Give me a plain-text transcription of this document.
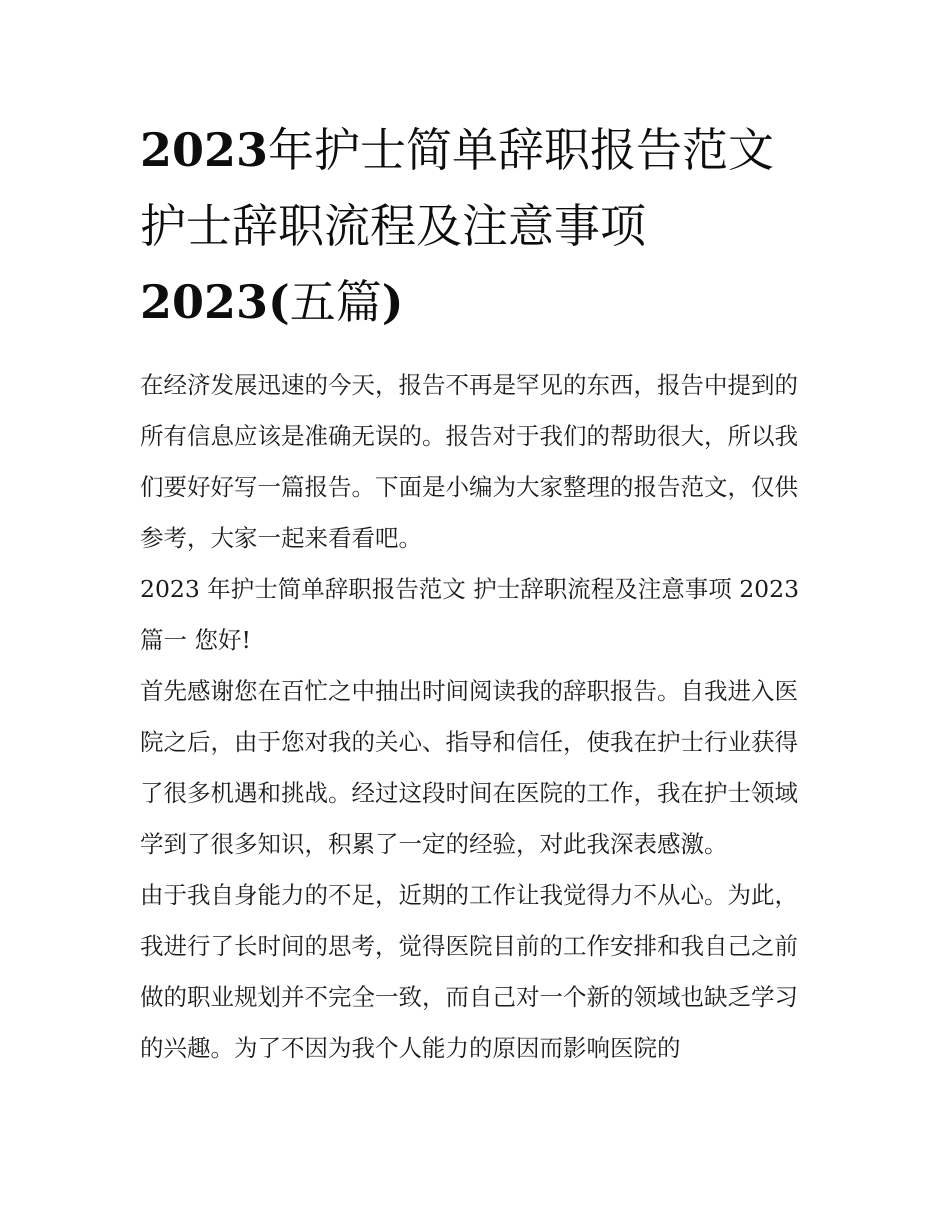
2023年护士简单辞职报告范文
护士辞职流程及注意事项
2023(五篇)

在经济发展迅速的今天，报告不再是罕见的东西，报告中提到的所有信息应该是准确无误的。报告对于我们的帮助很大，所以我们要好好写一篇报告。下面是小编为大家整理的报告范文，仅供参考，大家一起来看看吧。

2023 年护士简单辞职报告范文 护士辞职流程及注意事项 2023 篇一 您好!

首先感谢您在百忙之中抽出时间阅读我的辞职报告。自我进入医院之后，由于您对我的关心、指导和信任，使我在护士行业获得了很多机遇和挑战。经过这段时间在医院的工作，我在护士领域学到了很多知识，积累了一定的经验，对此我深表感激。

由于我自身能力的不足，近期的工作让我觉得力不从心。为此，我进行了长时间的思考，觉得医院目前的工作安排和我自己之前做的职业规划并不完全一致，而自己对一个新的领域也缺乏学习的兴趣。为了不因为我个人能力的原因而影响医院的
